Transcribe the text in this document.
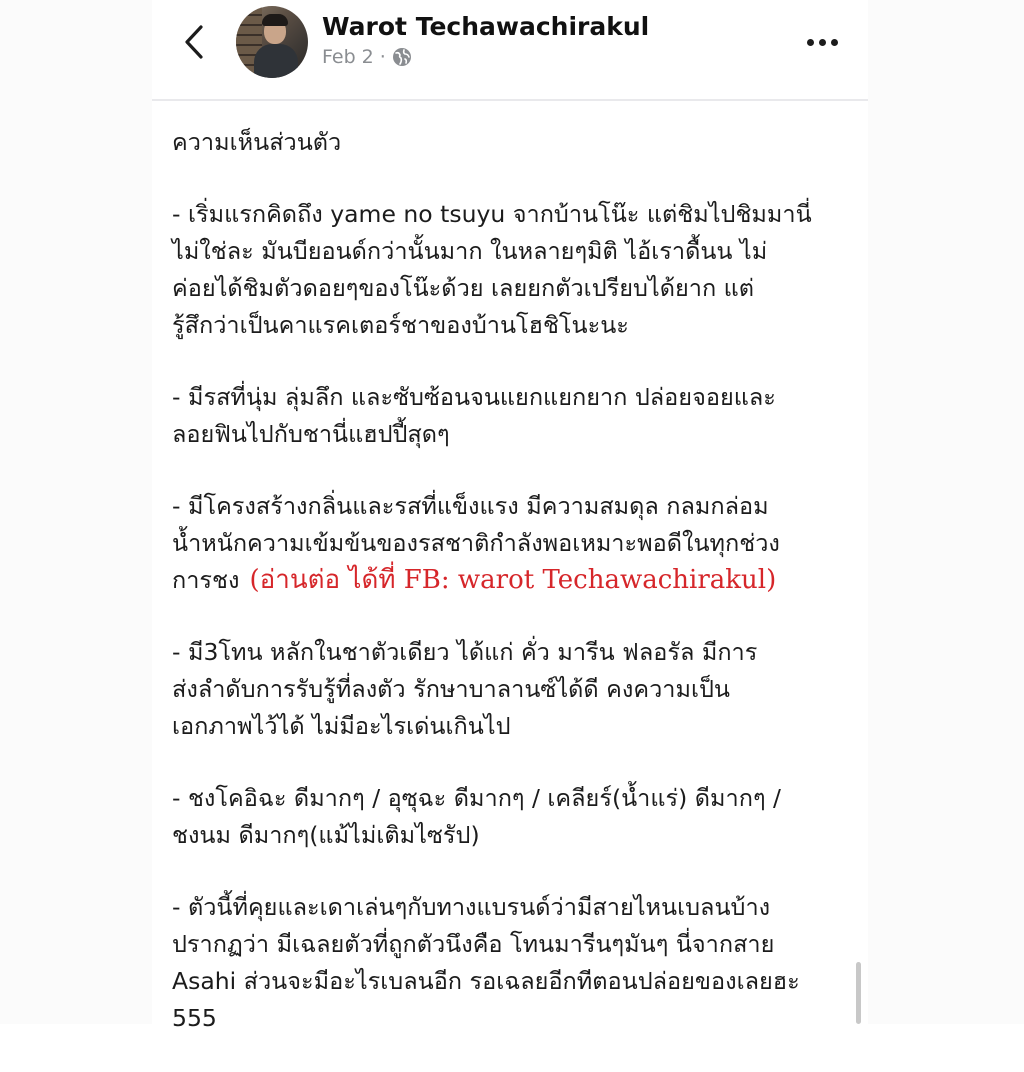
Warot Techawachirakul
Feb 2 ·

ความเห็นส่วนตัว

- เริ่มแรกคิดถึง yame no tsuyu จากบ้านโน๊ะ แต่ชิมไปชิมมานี่
ไม่ใช่ละ มันบียอนด์กว่านั้นมาก ในหลายๆมิติ ไอ้เราดื้นน ไม่
ค่อยได้ชิมตัวดอยๆของโน๊ะด้วย เลยยกตัวเปรียบได้ยาก แต่
รู้สึกว่าเป็นคาแรคเตอร์ชาของบ้านโฮชิโนะนะ

- มีรสที่นุ่ม ลุ่มลึก และซับซ้อนจนแยกแยกยาก ปล่อยจอยและ
ลอยฟินไปกับชานี่แฮปปี้สุดๆ

- มีโครงสร้างกลิ่นและรสที่แข็งแรง มีความสมดุล กลมกล่อม
น้ำหนักความเข้มข้นของรสชาติกำลังพอเหมาะพอดีในทุกช่วง
การชง (อ่านต่อ ได้ที่ FB: warot Techawachirakul)

- มี3โทน หลักในชาตัวเดียว ได้แก่ คั่ว มารีน ฟลอรัล มีการ
ส่งลำดับการรับรู้ที่ลงตัว รักษาบาลานซ์ได้ดี คงความเป็น
เอกภาพไว้ได้ ไม่มีอะไรเด่นเกินไป

- ชงโคอิฉะ ดีมากๆ / อุซุฉะ ดีมากๆ / เคลียร์(น้ำแร่) ดีมากๆ /
ชงนม ดีมากๆ(แม้ไม่เติมไซรัป)

- ตัวนี้ที่คุยและเดาเล่นๆกับทางแบรนด์ว่ามีสายไหนเบลนบ้าง
ปรากฏว่า มีเฉลยตัวที่ถูกตัวนึงคือ โทนมารีนๆมันๆ นี่จากสาย
Asahi ส่วนจะมีอะไรเบลนอีก รอเฉลยอีกทีตอนปล่อยของเลยฮะ
555
